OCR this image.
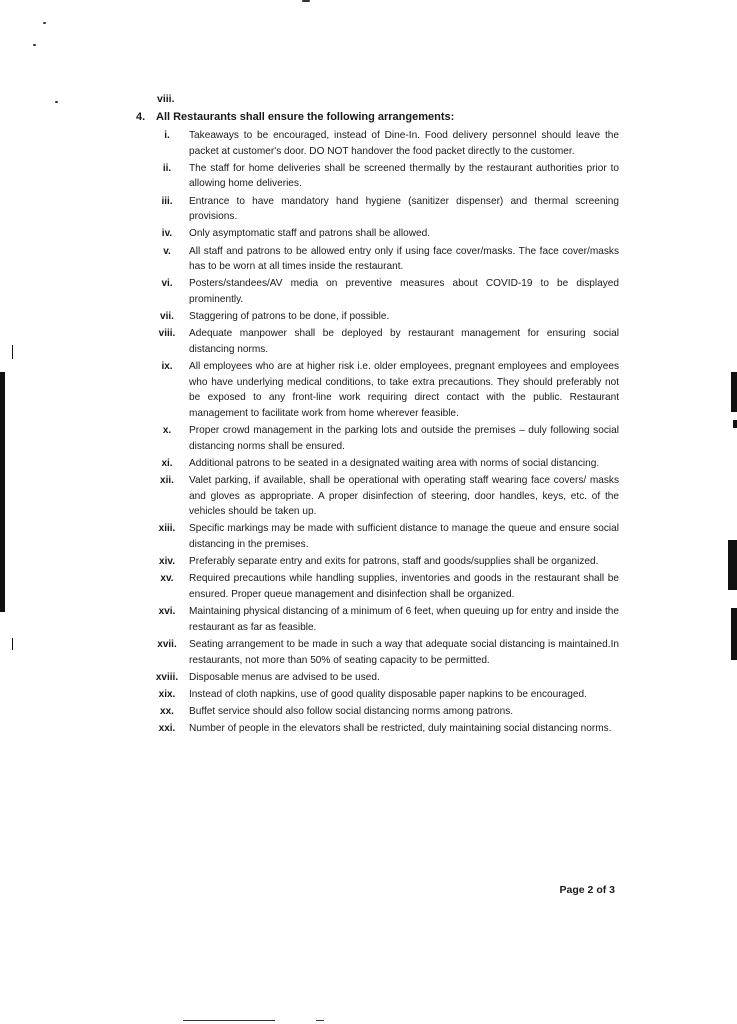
viii.
4. All Restaurants shall ensure the following arrangements:
i.	Takeaways to be encouraged, instead of Dine-In. Food delivery personnel should leave the packet at customer's door. DO NOT handover the food packet directly to the customer.
ii.	The staff for home deliveries shall be screened thermally by the restaurant authorities prior to allowing home deliveries.
iii.	Entrance to have mandatory hand hygiene (sanitizer dispenser) and thermal screening provisions.
iv.	Only asymptomatic staff and patrons shall be allowed.
v.	All staff and patrons to be allowed entry only if using face cover/masks. The face cover/masks has to be worn at all times inside the restaurant.
vi.	Posters/standees/AV media on preventive measures about COVID-19 to be displayed prominently.
vii.	Staggering of patrons to be done, if possible.
viii.	Adequate manpower shall be deployed by restaurant management for ensuring social distancing norms.
ix.	All employees who are at higher risk i.e. older employees, pregnant employees and employees who have underlying medical conditions, to take extra precautions. They should preferably not be exposed to any front-line work requiring direct contact with the public. Restaurant management to facilitate work from home wherever feasible.
x.	Proper crowd management in the parking lots and outside the premises – duly following social distancing norms shall be ensured.
xi.	Additional patrons to be seated in a designated waiting area with norms of social distancing.
xii.	Valet parking, if available, shall be operational with operating staff wearing face covers/ masks and gloves as appropriate. A proper disinfection of steering, door handles, keys, etc. of the vehicles should be taken up.
xiii.	Specific markings may be made with sufficient distance to manage the queue and ensure social distancing in the premises.
xiv.	Preferably separate entry and exits for patrons, staff and goods/supplies shall be organized.
xv.	Required precautions while handling supplies, inventories and goods in the restaurant shall be ensured. Proper queue management and disinfection shall be organized.
xvi.	Maintaining physical distancing of a minimum of 6 feet, when queuing up for entry and inside the restaurant as far as feasible.
xvii.	Seating arrangement to be made in such a way that adequate social distancing is maintained.In restaurants, not more than 50% of seating capacity to be permitted.
xviii.	Disposable menus are advised to be used.
xix.	Instead of cloth napkins, use of good quality disposable paper napkins to be encouraged.
xx.	Buffet service should also follow social distancing norms among patrons.
xxi.	Number of people in the elevators shall be restricted, duly maintaining social distancing norms.
Page 2 of 3
